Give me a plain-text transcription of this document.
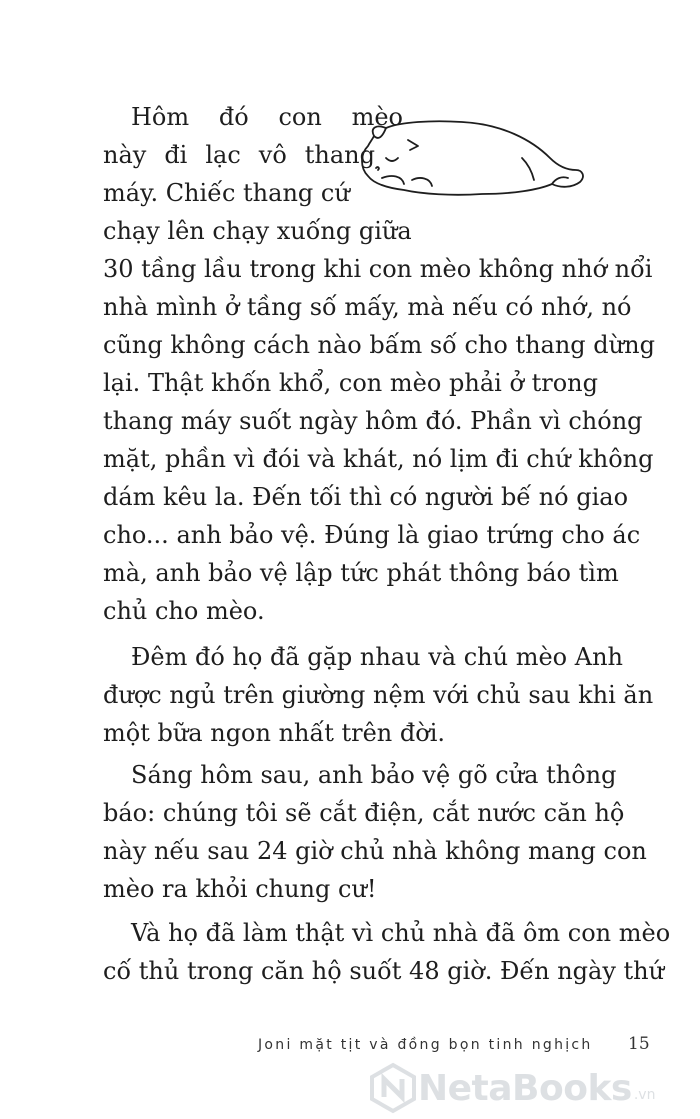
Hôm đó con mèo
này đi lạc vô thang
máy. Chiếc thang cứ
chạy lên chạy xuống giữa
30 tầng lầu trong khi con mèo không nhớ nổi
nhà mình ở tầng số mấy, mà nếu có nhớ, nó
cũng không cách nào bấm số cho thang dừng
lại. Thật khốn khổ, con mèo phải ở trong
thang máy suốt ngày hôm đó. Phần vì chóng
mặt, phần vì đói và khát, nó lịm đi chứ không
dám kêu la. Đến tối thì có người bế nó giao
cho... anh bảo vệ. Đúng là giao trứng cho ác
mà, anh bảo vệ lập tức phát thông báo tìm
chủ cho mèo.
Đêm đó họ đã gặp nhau và chú mèo Anh
được ngủ trên giường nệm với chủ sau khi ăn
một bữa ngon nhất trên đời.
Sáng hôm sau, anh bảo vệ gõ cửa thông
báo: chúng tôi sẽ cắt điện, cắt nước căn hộ
này nếu sau 24 giờ chủ nhà không mang con
mèo ra khỏi chung cư!
Và họ đã làm thật vì chủ nhà đã ôm con mèo
cố thủ trong căn hộ suốt 48 giờ. Đến ngày thứ
Joni mặt tịt và đồng bọn tinh nghịch 15
NetaBooks .vn
